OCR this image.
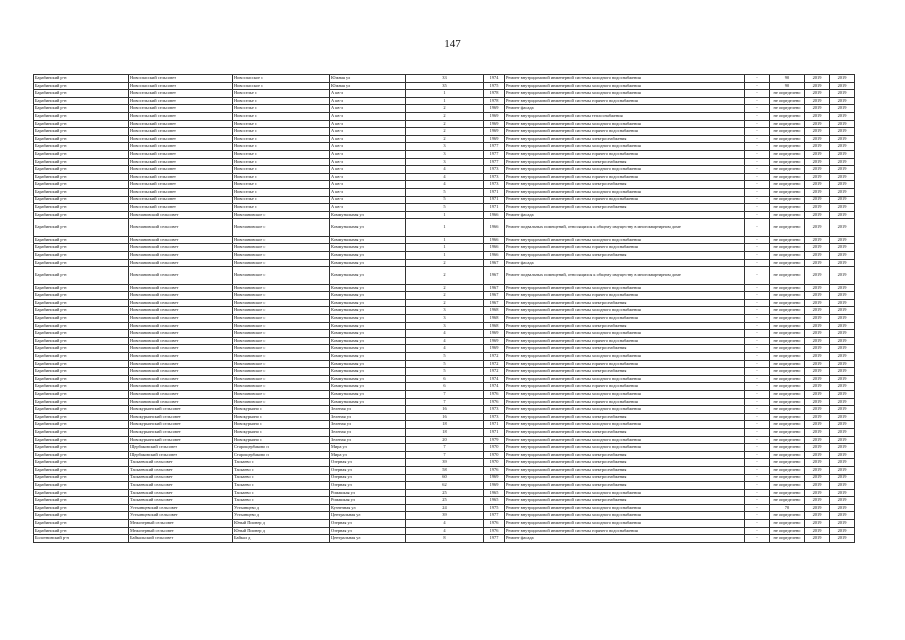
147
Барабинский р-н	Новоспасский сельсовет	Новоспасское с	Южная ул	33	1974	Ремонт внутридомовой инженерной системы холодного водоснабжения	-	90	2019	2019
Барабинский р-н	Новоспасский сельсовет	Новоспасское с	Южная ул	35	1975	Ремонт внутридомовой инженерной системы холодного водоснабжения	-	90	2019	2019
Барабинский р-н	Новосельский сельсовет	Новоселье с	А кв-л	1	1978	Ремонт внутридомовой инженерной системы холодного водоснабжения	-	не определено	2019	2019
Барабинский р-н	Новосельский сельсовет	Новоселье с	А кв-л	1	1978	Ремонт внутридомовой инженерной системы горячего водоснабжения	-	не определено	2019	2019
Барабинский р-н	Новосельский сельсовет	Новоселье с	А кв-л	2	1969	Ремонт фасада	-	не определено	2019	2019
Барабинский р-н	Новосельский сельсовет	Новоселье с	А кв-л	2	1969	Ремонт внутридомовой инженерной системы теплоснабжения	-	не определено	2019	2019
Барабинский р-н	Новосельский сельсовет	Новоселье с	А кв-л	2	1969	Ремонт внутридомовой инженерной системы холодного водоснабжения	-	не определено	2019	2019
Барабинский р-н	Новосельский сельсовет	Новоселье с	А кв-л	2	1969	Ремонт внутридомовой инженерной системы горячего водоснабжения	-	не определено	2019	2019
Барабинский р-н	Новосельский сельсовет	Новоселье с	А кв-л	2	1969	Ремонт внутридомовой инженерной системы электроснабжения	-	не определено	2019	2019
Барабинский р-н	Новосельский сельсовет	Новоселье с	А кв-л	3	1977	Ремонт внутридомовой инженерной системы холодного водоснабжения	-	не определено	2019	2019
Барабинский р-н	Новосельский сельсовет	Новоселье с	А кв-л	3	1977	Ремонт внутридомовой инженерной системы горячего водоснабжения	-	не определено	2019	2019
Барабинский р-н	Новосельский сельсовет	Новоселье с	А кв-л	3	1977	Ремонт внутридомовой инженерной системы электроснабжения	-	не определено	2019	2019
Барабинский р-н	Новосельский сельсовет	Новоселье с	А кв-л	4	1973	Ремонт внутридомовой инженерной системы холодного водоснабжения	-	не определено	2019	2019
Барабинский р-н	Новосельский сельсовет	Новоселье с	А кв-л	4	1973	Ремонт внутридомовой инженерной системы горячего водоснабжения	-	не определено	2019	2019
Барабинский р-н	Новосельский сельсовет	Новоселье с	А кв-л	4	1973	Ремонт внутридомовой инженерной системы электроснабжения	-	не определено	2019	2019
Барабинский р-н	Новосельский сельсовет	Новоселье с	А кв-л	5	1971	Ремонт внутридомовой инженерной системы холодного водоснабжения	-	не определено	2019	2019
Барабинский р-н	Новосельский сельсовет	Новоселье с	А кв-л	5	1971	Ремонт внутридомовой инженерной системы горячего водоснабжения	-	не определено	2019	2019
Барабинский р-н	Новосельский сельсовет	Новоселье с	А кв-л	5	1971	Ремонт внутридомовой инженерной системы электроснабжения	-	не определено	2019	2019
Барабинский р-н	Новочановский сельсовет	Новочановское с	Коммунальная ул	1	1966	Ремонт фасада	-	не определено	2019	2019
Барабинский р-н	Новочановский сельсовет	Новочановское с	Коммунальная ул	1	1966	Ремонт подвальных помещений, относящихся к общему имуществу в многоквартирном доме	-	не определено	2019	2019
Барабинский р-н	Новочановский сельсовет	Новочановское с	Коммунальная ул	1	1966	Ремонт внутридомовой инженерной системы холодного водоснабжения	-	не определено	2019	2019
Барабинский р-н	Новочановский сельсовет	Новочановское с	Коммунальная ул	1	1966	Ремонт внутридомовой инженерной системы горячего водоснабжения	-	не определено	2019	2019
Барабинский р-н	Новочановский сельсовет	Новочановское с	Коммунальная ул	1	1966	Ремонт внутридомовой инженерной системы электроснабжения	-	не определено	2019	2019
Барабинский р-н	Новочановский сельсовет	Новочановское с	Коммунальная ул	2	1967	Ремонт фасада	-	не определено	2019	2019
Барабинский р-н	Новочановский сельсовет	Новочановское с	Коммунальная ул	2	1967	Ремонт подвальных помещений, относящихся к общему имуществу в многоквартирном доме	-	не определено	2019	2019
Барабинский р-н	Новочановский сельсовет	Новочановское с	Коммунальная ул	2	1967	Ремонт внутридомовой инженерной системы холодного водоснабжения	-	не определено	2019	2019
Барабинский р-н	Новочановский сельсовет	Новочановское с	Коммунальная ул	2	1967	Ремонт внутридомовой инженерной системы горячего водоснабжения	-	не определено	2019	2019
Барабинский р-н	Новочановский сельсовет	Новочановское с	Коммунальная ул	2	1967	Ремонт внутридомовой инженерной системы электроснабжения	-	не определено	2019	2019
Барабинский р-н	Новочановский сельсовет	Новочановское с	Коммунальная ул	3	1968	Ремонт внутридомовой инженерной системы холодного водоснабжения	-	не определено	2019	2019
Барабинский р-н	Новочановский сельсовет	Новочановское с	Коммунальная ул	3	1968	Ремонт внутридомовой инженерной системы горячего водоснабжения	-	не определено	2019	2019
Барабинский р-н	Новочановский сельсовет	Новочановское с	Коммунальная ул	3	1968	Ремонт внутридомовой инженерной системы электроснабжения	-	не определено	2019	2019
Барабинский р-н	Новочановский сельсовет	Новочановское с	Коммунальная ул	4	1969	Ремонт внутридомовой инженерной системы холодного водоснабжения	-	не определено	2019	2019
Барабинский р-н	Новочановский сельсовет	Новочановское с	Коммунальная ул	4	1969	Ремонт внутридомовой инженерной системы горячего водоснабжения	-	не определено	2019	2019
Барабинский р-н	Новочановский сельсовет	Новочановское с	Коммунальная ул	4	1969	Ремонт внутридомовой инженерной системы электроснабжения	-	не определено	2019	2019
Барабинский р-н	Новочановский сельсовет	Новочановское с	Коммунальная ул	5	1972	Ремонт внутридомовой инженерной системы холодного водоснабжения	-	не определено	2019	2019
Барабинский р-н	Новочановский сельсовет	Новочановское с	Коммунальная ул	5	1972	Ремонт внутридомовой инженерной системы горячего водоснабжения	-	не определено	2019	2019
Барабинский р-н	Новочановский сельсовет	Новочановское с	Коммунальная ул	5	1972	Ремонт внутридомовой инженерной системы электроснабжения	-	не определено	2019	2019
Барабинский р-н	Новочановский сельсовет	Новочановское с	Коммунальная ул	6	1974	Ремонт внутридомовой инженерной системы холодного водоснабжения	-	не определено	2019	2019
Барабинский р-н	Новочановский сельсовет	Новочановское с	Коммунальная ул	6	1974	Ремонт внутридомовой инженерной системы горячего водоснабжения	-	не определено	2019	2019
Барабинский р-н	Новочановский сельсовет	Новочановское с	Коммунальная ул	7	1976	Ремонт внутридомовой инженерной системы холодного водоснабжения	-	не определено	2019	2019
Барабинский р-н	Новочановский сельсовет	Новочановское с	Коммунальная ул	7	1976	Ремонт внутридомовой инженерной системы горячего водоснабжения	-	не определено	2019	2019
Барабинский р-н	Новокурьинский сельсовет	Новокурьино с	Зеленая ул	16	1973	Ремонт внутридомовой инженерной системы холодного водоснабжения	-	не определено	2019	2019
Барабинский р-н	Новокурьинский сельсовет	Новокурьино с	Зеленая ул	16	1973	Ремонт внутридомовой инженерной системы электроснабжения	-	не определено	2019	2019
Барабинский р-н	Новокурьинский сельсовет	Новокурьино с	Зеленая ул	18	1971	Ремонт внутридомовой инженерной системы холодного водоснабжения	-	не определено	2019	2019
Барабинский р-н	Новокурьинский сельсовет	Новокурьино с	Зеленая ул	18	1971	Ремонт внутридомовой инженерной системы электроснабжения	-	не определено	2019	2019
Барабинский р-н	Новокурьинский сельсовет	Новокурьино с	Зеленая ул	20	1979	Ремонт внутридомовой инженерной системы холодного водоснабжения	-	не определено	2019	2019
Барабинский р-н	Щербаковский сельсовет	Старощербаково п	Мира ул	7	1970	Ремонт внутридомовой инженерной системы холодного водоснабжения	-	не определено	2019	2019
Барабинский р-н	Щербаковский сельсовет	Старощербаково п	Мира ул	7	1970	Ремонт внутридомовой инженерной системы электроснабжения	-	не определено	2019	2019
Барабинский р-н	Таскаевский сельсовет	Таскаево с	Озерная ул	39	1970	Ремонт внутридомовой инженерной системы электроснабжения	-	не определено	2019	2019
Барабинский р-н	Таскаевский сельсовет	Таскаево с	Озерная ул	58	1976	Ремонт внутридомовой инженерной системы электроснабжения	-	не определено	2019	2019
Барабинский р-н	Таскаевский сельсовет	Таскаево с	Озерная ул	60	1969	Ремонт внутридомовой инженерной системы электроснабжения	-	не определено	2019	2019
Барабинский р-н	Таскаевский сельсовет	Таскаево с	Озерная ул	62	1969	Ремонт внутридомовой инженерной системы электроснабжения	-	не определено	2019	2019
Барабинский р-н	Таскаевский сельсовет	Таскаево с	Ромашкая ул	25	1965	Ремонт внутридомовой инженерной системы холодного водоснабжения	-	не определено	2019	2019
Барабинский р-н	Таскаевский сельсовет	Таскаево с	Ромашкая ул	25	1965	Ремонт внутридомовой инженерной системы электроснабжения	-	не определено	2019	2019
Барабинский р-н	Устьинцевский сельсовет	Устьинцево д	Кузнечная ул	24	1975	Ремонт внутридомовой инженерной системы холодного водоснабжения	-	70	2019	2019
Барабинский р-н	Устьинцевский сельсовет	Устьинцево д	Центральная ул	39	1977	Ремонт внутридомовой инженерной системы холодного водоснабжения	-	не определено	2019	2019
Барабинский р-н	Межозерный сельсовет	Юный Пионер д	Озерная ул	4	1976	Ремонт внутридомовой инженерной системы холодного водоснабжения	-	не определено	2019	2019
Барабинский р-н	Межозерный сельсовет	Юный Пионер д	Озерная ул	4	1976	Ремонт внутридомовой инженерной системы горячего водоснабжения	-	не определено	2019	2019
Болотнинский р-н	Байкальский сельсовет	Байкал д	Центральная ул	8	1977	Ремонт фасада	-	не определено	2019	2019
